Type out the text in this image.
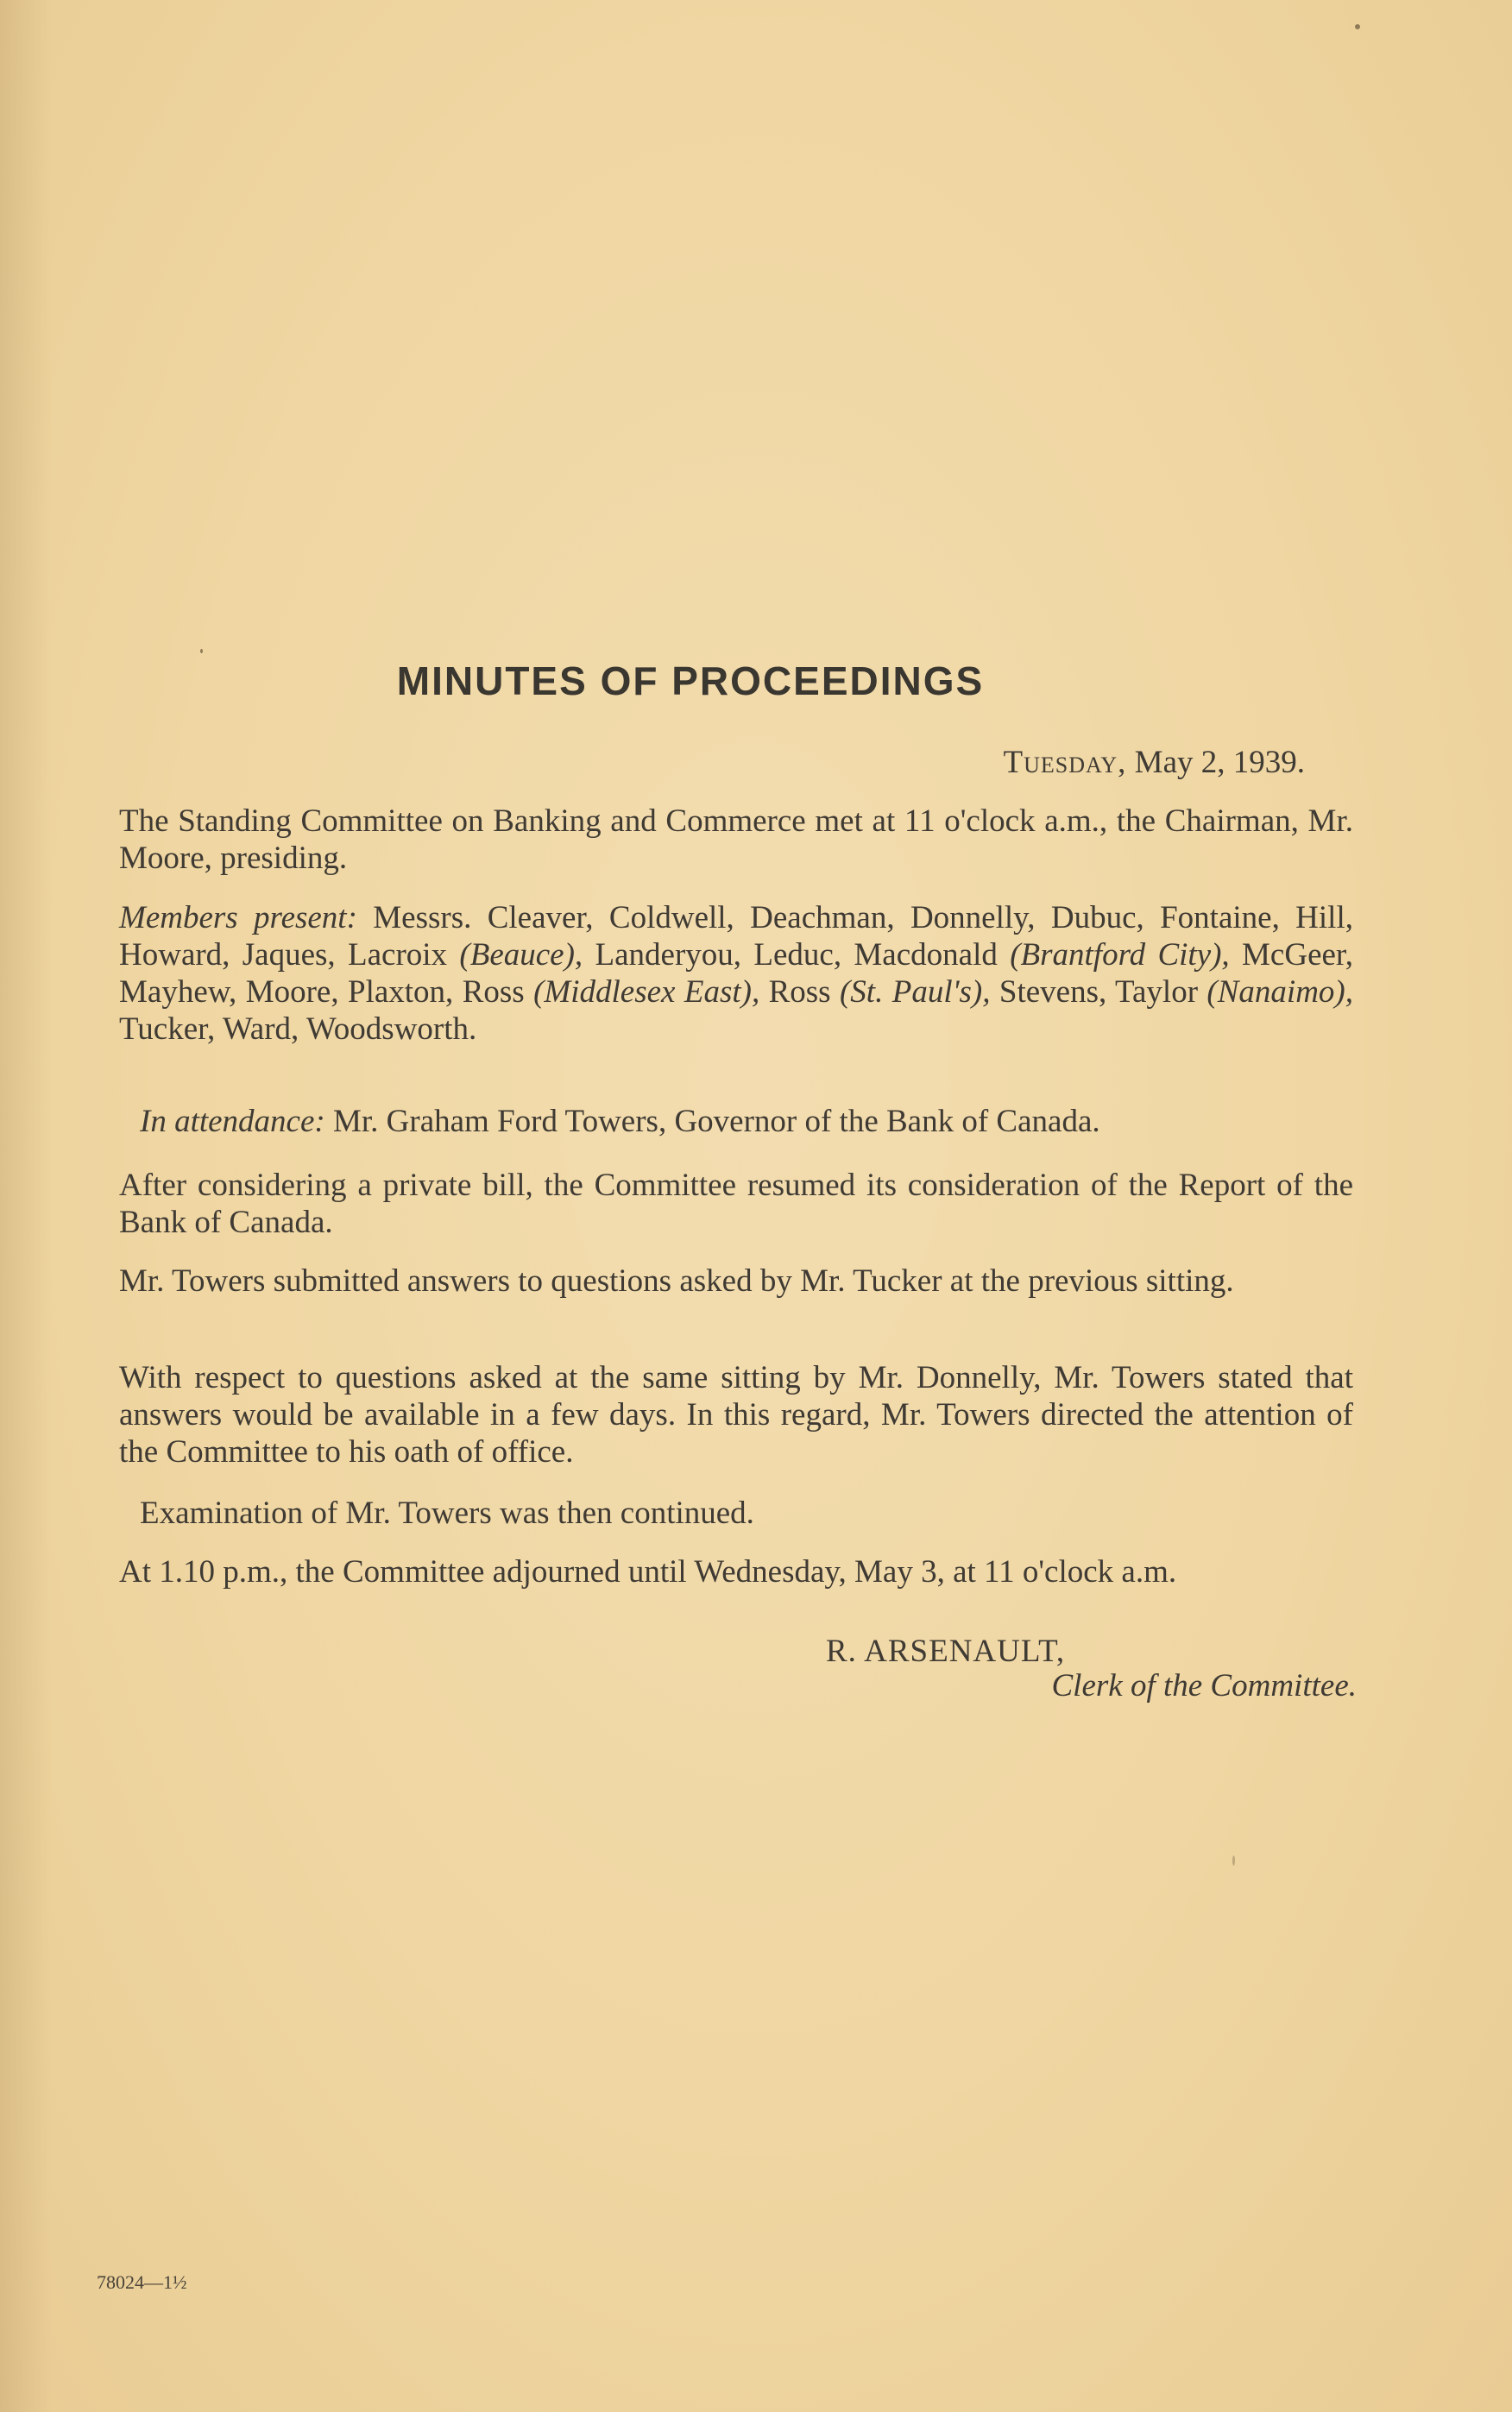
MINUTES OF PROCEEDINGS
Tuesday, May 2, 1939.

The Standing Committee on Banking and Commerce met at 11 o'clock a.m., the Chairman, Mr. Moore, presiding.

Members present: Messrs. Cleaver, Coldwell, Deachman, Donnelly, Dubuc, Fontaine, Hill, Howard, Jaques, Lacroix (Beauce), Landeryou, Leduc, Macdonald (Brantford City), McGeer, Mayhew, Moore, Plaxton, Ross (Middlesex East), Ross (St. Paul's), Stevens, Taylor (Nanaimo), Tucker, Ward, Woodsworth.

In attendance: Mr. Graham Ford Towers, Governor of the Bank of Canada.

After considering a private bill, the Committee resumed its consideration of the Report of the Bank of Canada.

Mr. Towers submitted answers to questions asked by Mr. Tucker at the previous sitting.

With respect to questions asked at the same sitting by Mr. Donnelly, Mr. Towers stated that answers would be available in a few days. In this regard, Mr. Towers directed the attention of the Committee to his oath of office.

Examination of Mr. Towers was then continued.

At 1.10 p.m., the Committee adjourned until Wednesday, May 3, at 11 o'clock a.m.

R. ARSENAULT,
Clerk of the Committee.
78024—1½
